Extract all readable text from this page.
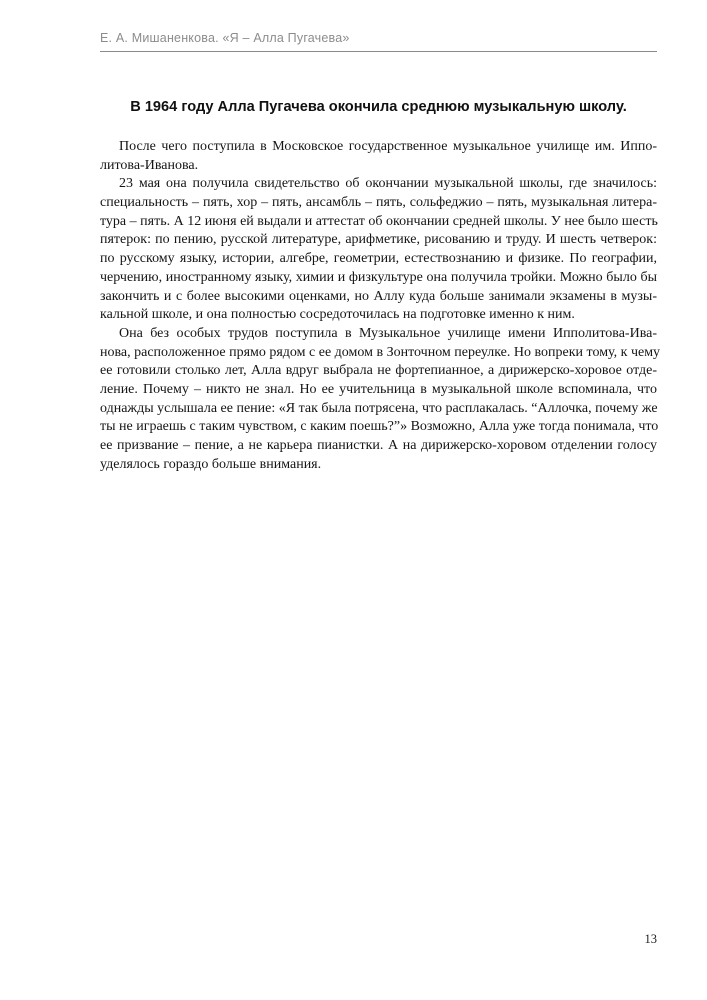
Е. А. Мишаненкова. «Я – Алла Пугачева»
В 1964 году Алла Пугачева окончила среднюю музыкальную школу.

После чего поступила в Московское государственное музыкальное училище им. Иппо-
литова-Иванова.

23 мая она получила свидетельство об окончании музыкальной школы, где значилось:
специальность – пять, хор – пять, ансамбль – пять, сольфеджио – пять, музыкальная литера-
тура – пять. А 12 июня ей выдали и аттестат об окончании средней школы. У нее было шесть
пятерок: по пению, русской литературе, арифметике, рисованию и труду. И шесть четверок:
по русскому языку, истории, алгебре, геометрии, естествознанию и физике. По географии,
черчению, иностранному языку, химии и физкультуре она получила тройки. Можно было бы
закончить и с более высокими оценками, но Аллу куда больше занимали экзамены в музы-
кальной школе, и она полностью сосредоточилась на подготовке именно к ним.

Она без особых трудов поступила в Музыкальное училище имени Ипполитова-Ива-
нова, расположенное прямо рядом с ее домом в Зонточном переулке. Но вопреки тому, к чему
ее готовили столько лет, Алла вдруг выбрала не фортепианное, а дирижерско-хоровое отде-
ление. Почему – никто не знал. Но ее учительница в музыкальной школе вспоминала, что
однажды услышала ее пение: «Я так была потрясена, что расплакалась. “Аллочка, почему же
ты не играешь с таким чувством, с каким поешь?”» Возможно, Алла уже тогда понимала, что
ее призвание – пение, а не карьера пианистки. А на дирижерско-хоровом отделении голосу
уделялось гораздо больше внимания.

13
